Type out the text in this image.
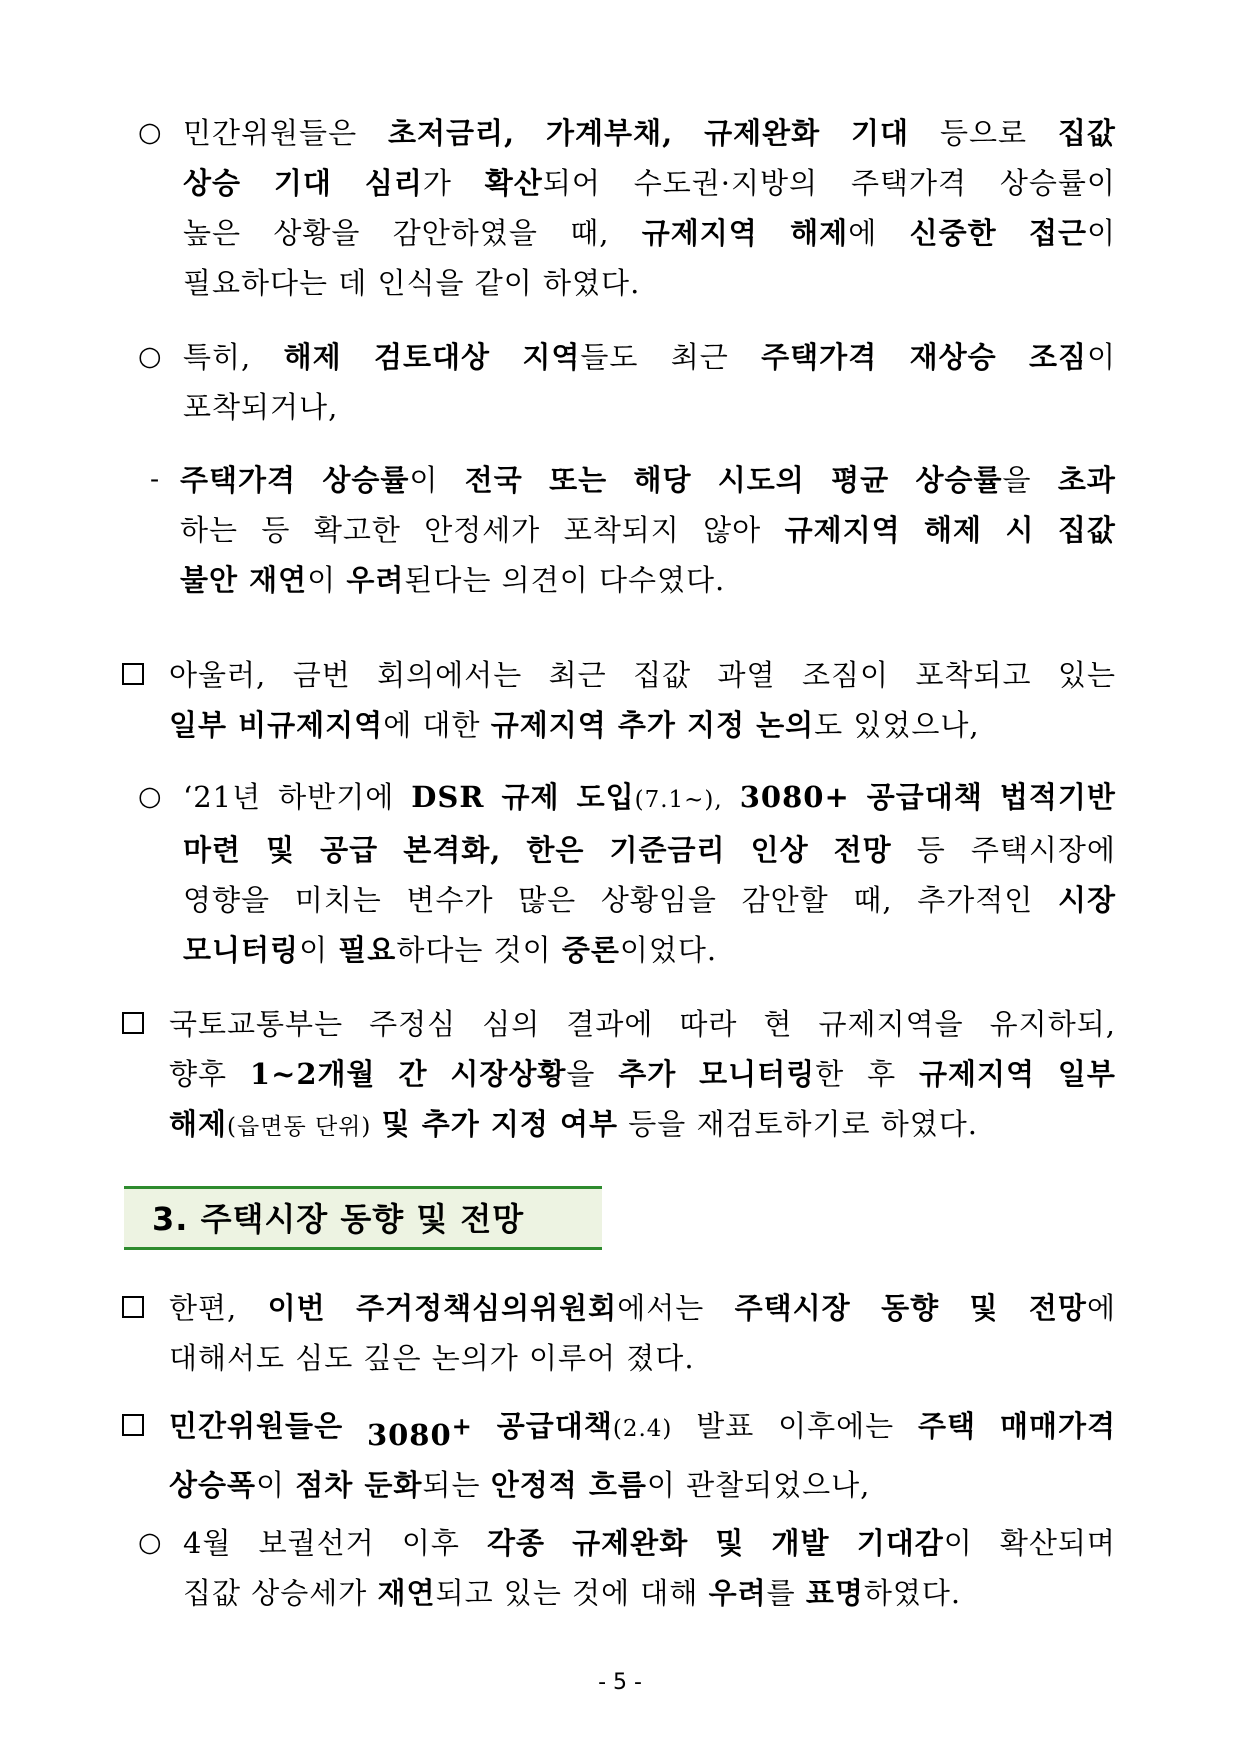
○ 민간위원들은 초저금리, 가계부채, 규제완화 기대 등으로 집값
상승 기대 심리가 확산되어 수도권·지방의 주택가격 상승률이
높은 상황을 감안하였을 때, 규제지역 해제에 신중한 접근이
필요하다는 데 인식을 같이 하였다.
○ 특히, 해제 검토대상 지역들도 최근 주택가격 재상승 조짐이
포착되거나,
- 주택가격 상승률이 전국 또는 해당 시도의 평균 상승률을 초과
하는 등 확고한 안정세가 포착되지 않아 규제지역 해제 시 집값
불안 재연이 우려된다는 의견이 다수였다.
아울러, 금번 회의에서는 최근 집값 과열 조짐이 포착되고 있는
일부 비규제지역에 대한 규제지역 추가 지정 논의도 있었으나,
○ ‘21년 하반기에 DSR 규제 도입(7.1~), 3080+ 공급대책 법적기반
마련 및 공급 본격화, 한은 기준금리 인상 전망 등 주택시장에
영향을 미치는 변수가 많은 상황임을 감안할 때, 추가적인 시장
모니터링이 필요하다는 것이 중론이었다.
국토교통부는 주정심 심의 결과에 따라 현 규제지역을 유지하되,
향후 1~2개월 간 시장상황을 추가 모니터링한 후 규제지역 일부
해제(읍면동 단위) 및 추가 지정 여부 등을 재검토하기로 하였다.
3. 주택시장 동향 및 전망
한편, 이번 주거정책심의위원회에서는 주택시장 동향 및 전망에
대해서도 심도 깊은 논의가 이루어 졌다.
민간위원들은 3080+ 공급대책(2.4) 발표 이후에는 주택 매매가격
상승폭이 점차 둔화되는 안정적 흐름이 관찰되었으나,
○ 4월 보궐선거 이후 각종 규제완화 및 개발 기대감이 확산되며
집값 상승세가 재연되고 있는 것에 대해 우려를 표명하였다.
- 5 -
